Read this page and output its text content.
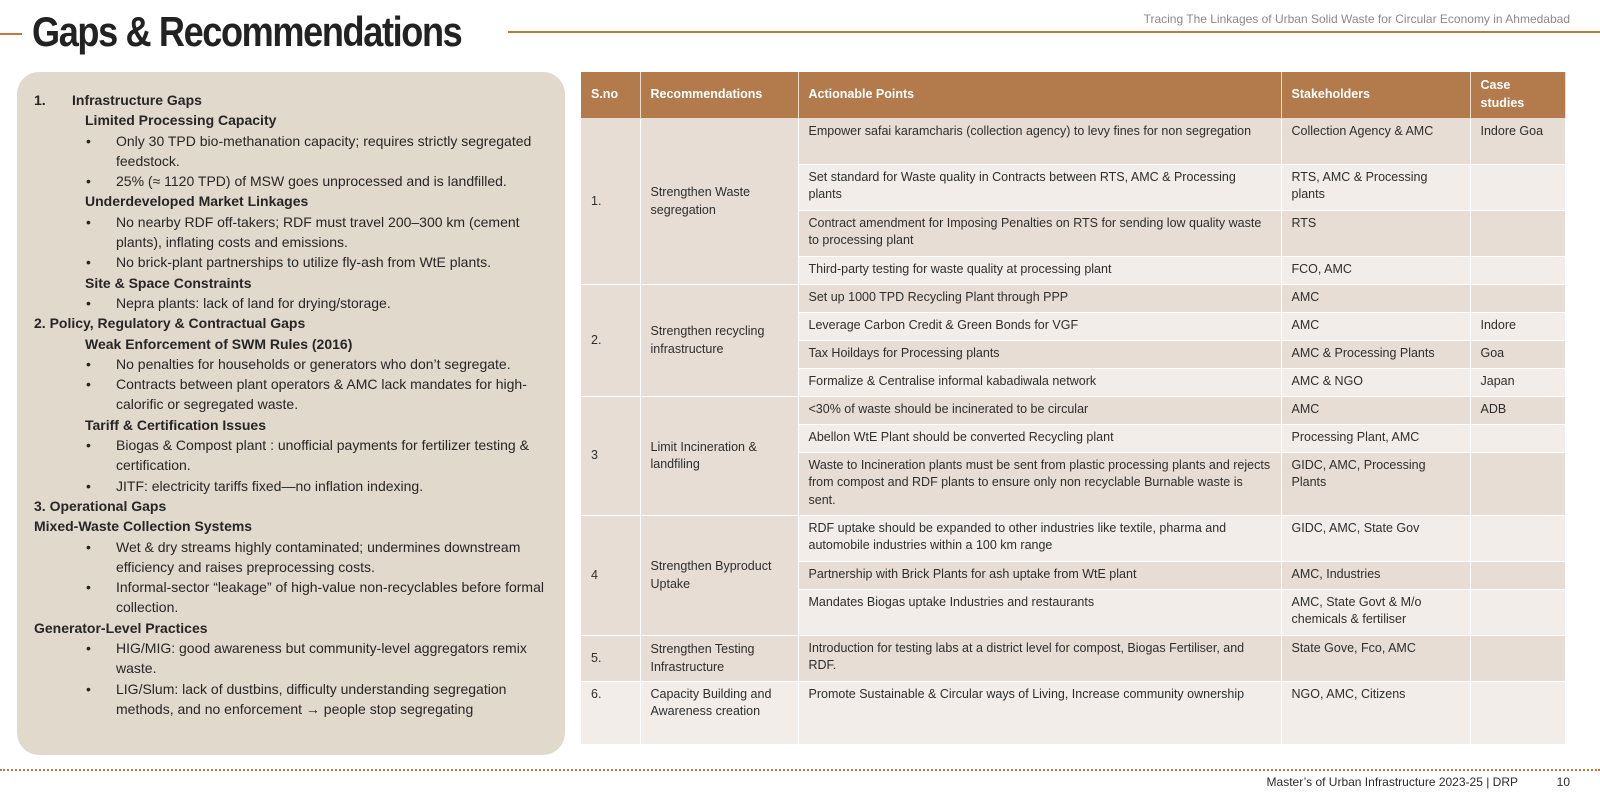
Gaps & Recommendations	Tracing The Linkages of Urban Solid Waste for Circular Economy in Ahmedabad
1. Infrastructure Gaps
Limited Processing Capacity
• Only 30 TPD bio-methanation capacity; requires strictly segregated feedstock.
• 25% (≈ 1120 TPD) of MSW goes unprocessed and is landfilled.
Underdeveloped Market Linkages
• No nearby RDF off-takers; RDF must travel 200–300 km (cement plants), inflating costs and emissions.
• No brick-plant partnerships to utilize fly-ash from WtE plants.
Site & Space Constraints
• Nepra plants: lack of land for drying/storage.
2. Policy, Regulatory & Contractual Gaps
Weak Enforcement of SWM Rules (2016)
• No penalties for households or generators who don’t segregate.
• Contracts between plant operators & AMC lack mandates for high-calorific or segregated waste.
Tariff & Certification Issues
• Biogas & Compost plant : unofficial payments for fertilizer testing & certification.
• JITF: electricity tariffs fixed—no inflation indexing.
3. Operational Gaps
Mixed-Waste Collection Systems
• Wet & dry streams highly contaminated; undermines downstream efficiency and raises preprocessing costs.
• Informal-sector “leakage” of high-value non-recyclables before formal collection.
Generator-Level Practices
• HIG/MIG: good awareness but community-level aggregators remix waste.
• LIG/Slum: lack of dustbins, difficulty understanding segregation methods, and no enforcement → people stop segregating
S.no	Recommendations	Actionable Points	Stakeholders	Case studies
1.	Strengthen Waste segregation	Empower safai karamcharis (collection agency) to levy fines for non segregation	Collection Agency & AMC	Indore Goa
		Set standard for Waste quality in Contracts between RTS, AMC & Processing plants	RTS, AMC & Processing plants	
		Contract amendment for Imposing Penalties on RTS for sending low quality waste to processing plant	RTS	
		Third-party testing for waste quality at processing plant	FCO, AMC	
2.	Strengthen recycling infrastructure	Set up 1000 TPD Recycling Plant through PPP	AMC	
		Leverage Carbon Credit & Green Bonds for VGF	AMC	Indore
		Tax Hoildays for Processing plants	AMC & Processing Plants	Goa
		Formalize & Centralise informal kabadiwala network	AMC & NGO	Japan
3	Limit Incineration & landfiling	<30% of waste should be incinerated to be circular	AMC	ADB
		Abellon WtE Plant should be converted Recycling plant	Processing Plant, AMC	
		Waste to Incineration plants must be sent from plastic processing plants and rejects from compost and RDF plants to ensure only non recyclable Burnable waste is sent.	GIDC, AMC, Processing Plants	
4	Strengthen Byproduct Uptake	RDF uptake should be expanded to other industries like textile, pharma and automobile industries within a 100 km range	GIDC, AMC, State Gov	
		Partnership with Brick Plants for ash uptake from WtE plant	AMC, Industries	
		Mandates Biogas uptake Industries and restaurants	AMC, State Govt & M/o chemicals & fertiliser	
5.	Strengthen Testing Infrastructure	Introduction for testing labs at a district level for compost, Biogas Fertiliser, and RDF.	State Gove, Fco, AMC	
6.	Capacity Building and Awareness creation	Promote Sustainable & Circular ways of Living, Increase community ownership	NGO, AMC, Citizens	
Master’s of Urban Infrastructure 2023-25 | DRP	10
